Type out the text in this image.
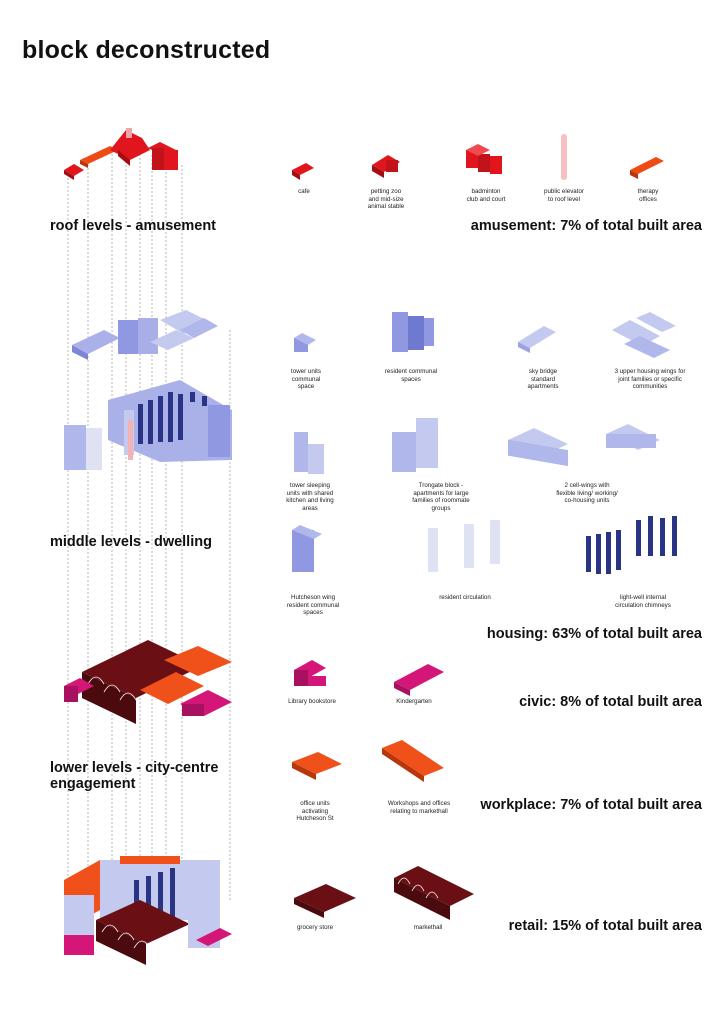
block deconstructed
roof levels - amusement
middle levels - dwelling
lower levels - city-centre engagement
amusement: 7% of total built area
housing: 63% of total built area
civic: 8% of total built area
workplace: 7% of total built area
retail: 15% of total built area
cafe	petting zoo and mid-size animal stable
badminton club and court
public elevator to roof level
therapy offices
tower units communal space
resident communal spaces
sky bridge standard apartments
3 upper housing wings for joint families or specific communities
tower sleeping units with shared kitchen and living areas
Trongate block - apartments for large families of roommate groups
2 cell-wings with flexible living/ working/ co-housing units
Hutcheson wing resident communal spaces
resident circulation	light-well internal circulation chimneys
Library bookstore	Kindergarten
office units activating Hutcheson St
Workshops and offices relating to markethall
grocery store	markethall
